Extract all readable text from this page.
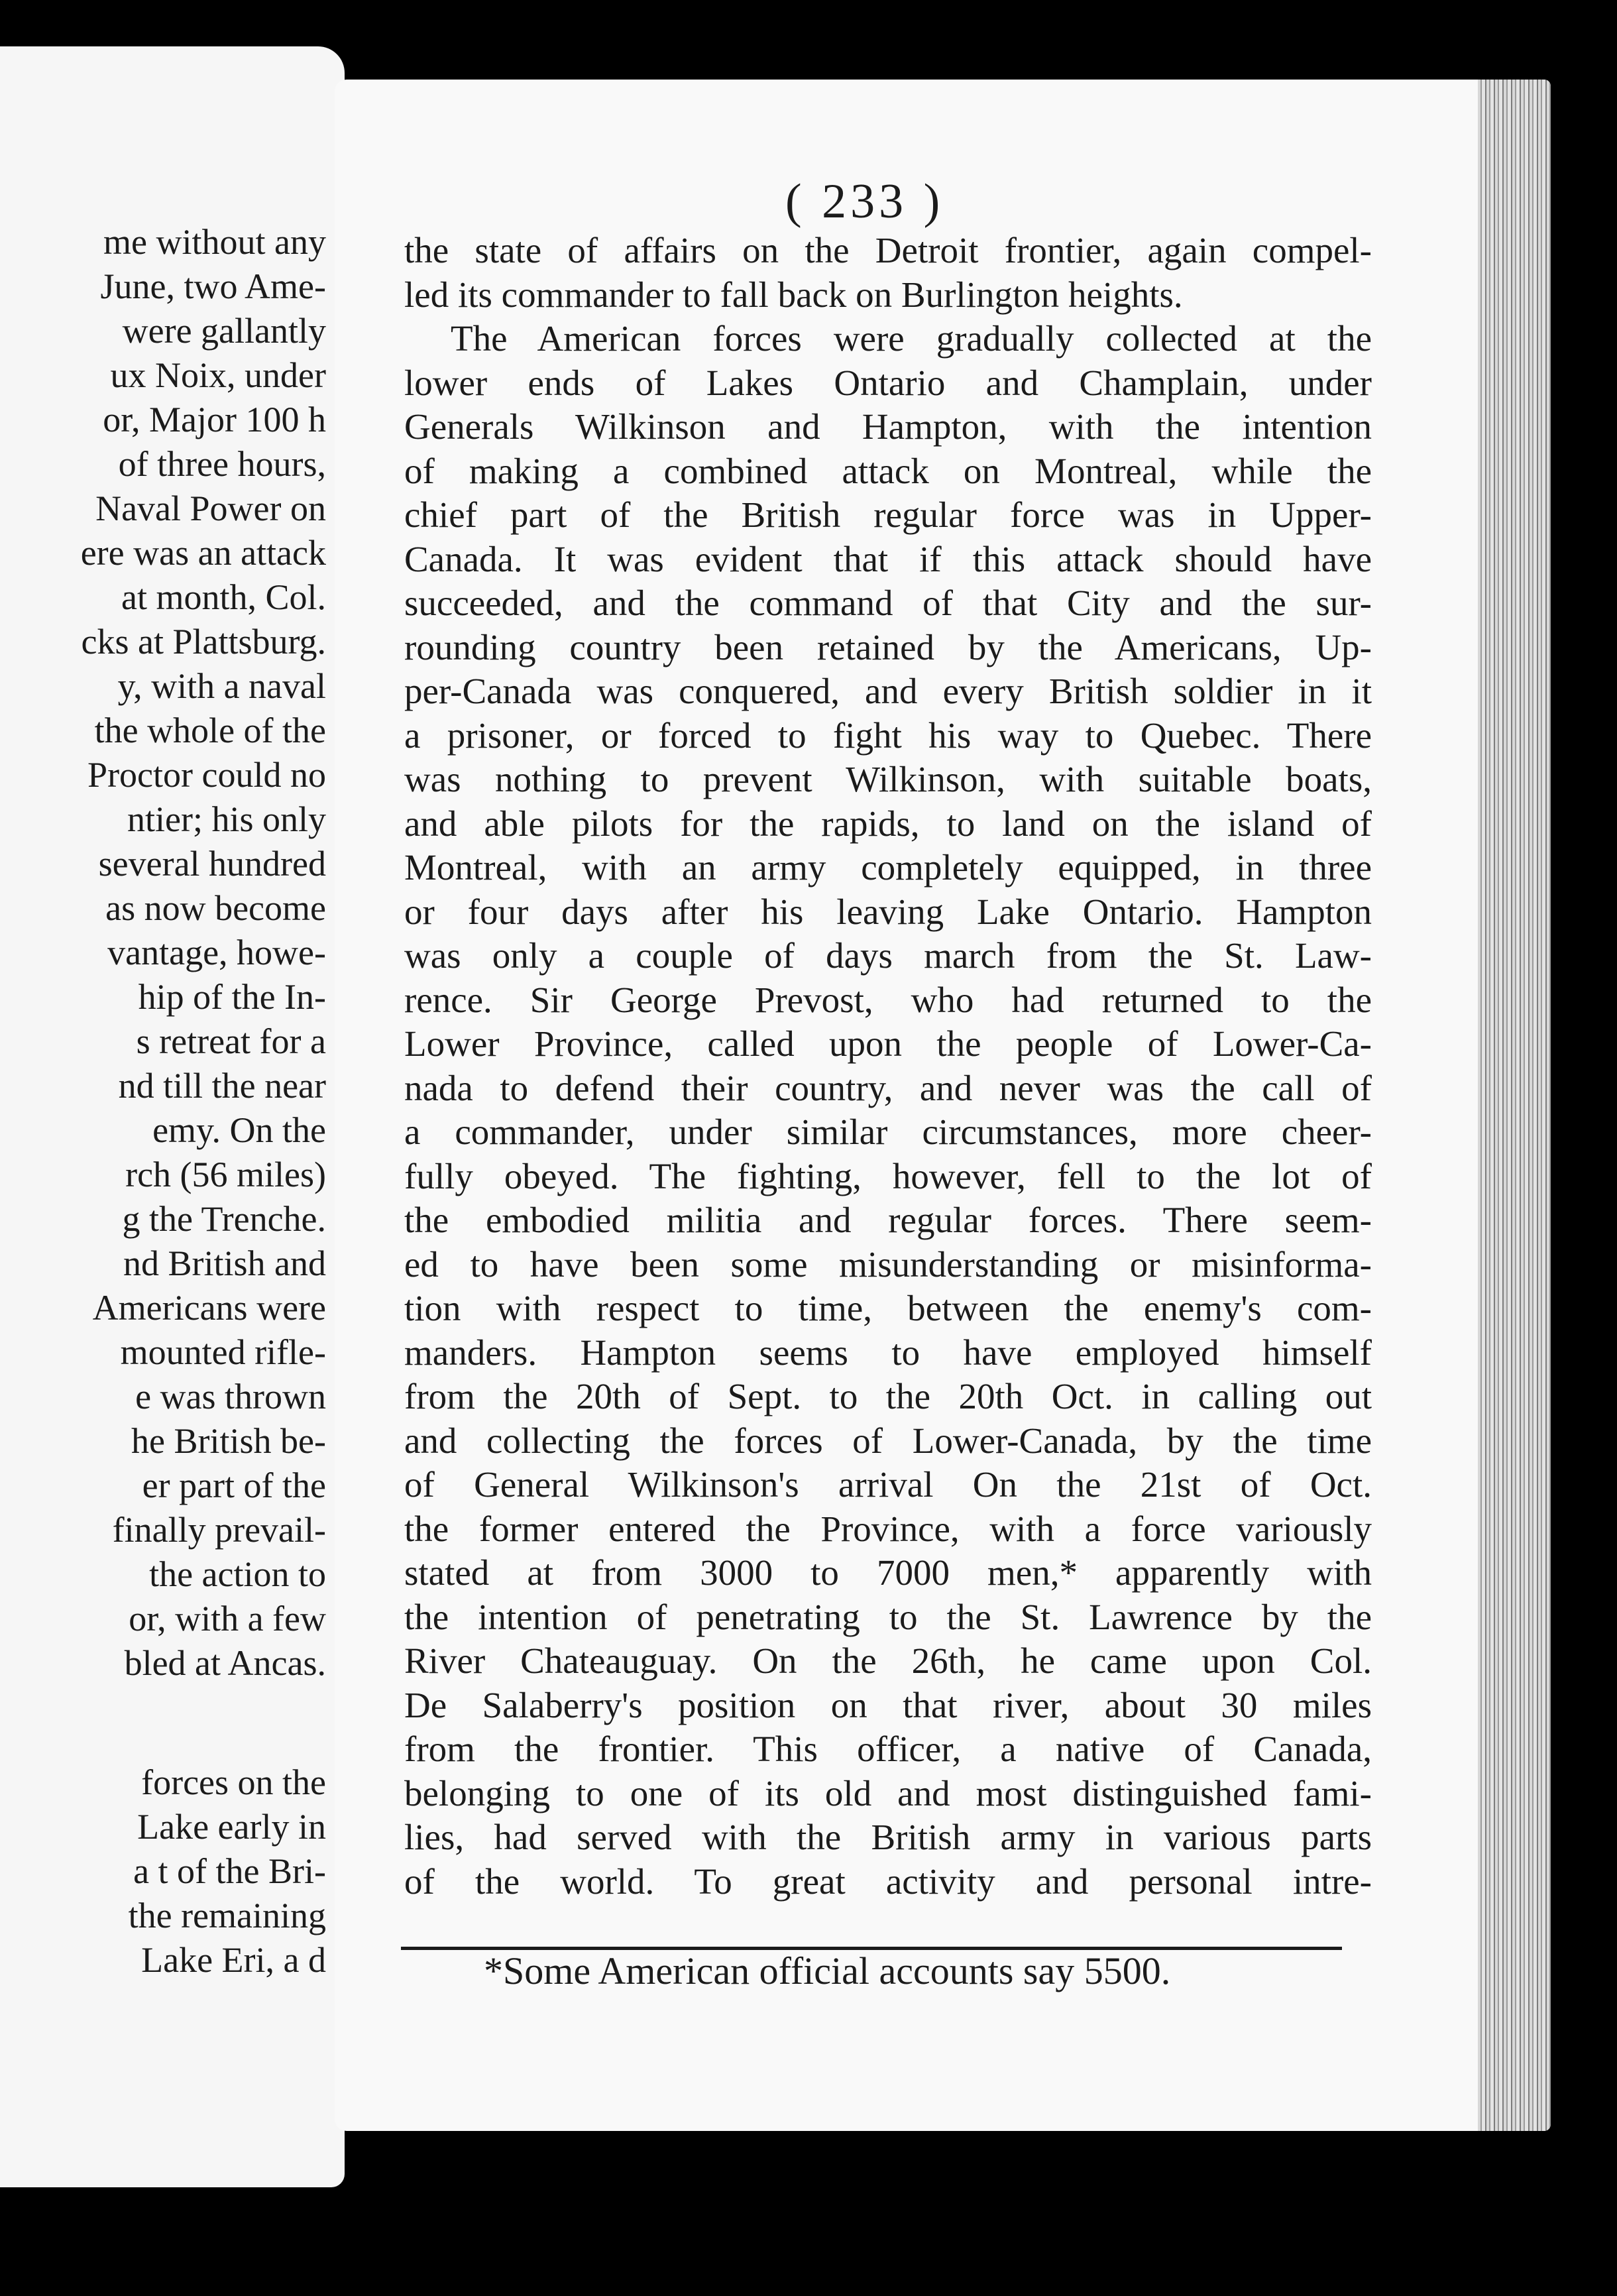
me without any
June, two Ame-
were gallantly
ux Noix, under
or, Major 100 h
of three hours,
Naval Power on
ere was an attack
at month, Col.
cks at Plattsburg.
y, with a naval
the whole of the
Proctor could no
ntier; his only
several hundred
as now become
vantage, howe-
hip of the In-
s retreat for a
nd till the near
emy. On the
rch (56 miles)
g the Trenche.
nd British and
Americans were
mounted rifle-
e was thrown
he British be-
er part of the
finally prevail-
the action to
or, with a few
bled at Ancas.
forces on the
Lake early in
a t of the Bri-
the remaining
Lake Eri, a d
( 233 )
the state of affairs on the Detroit frontier, again compel-
led its commander to fall back on Burlington heights.
The American forces were gradually collected at the
lower ends of Lakes Ontario and Champlain, under
Generals Wilkinson and Hampton, with the intention
of making a combined attack on Montreal, while the
chief part of the British regular force was in Upper-
Canada. It was evident that if this attack should have
succeeded, and the command of that City and the sur-
rounding country been retained by the Americans, Up-
per-Canada was conquered, and every British soldier in it
a prisoner, or forced to fight his way to Quebec. There
was nothing to prevent Wilkinson, with suitable boats,
and able pilots for the rapids, to land on the island of
Montreal, with an army completely equipped, in three
or four days after his leaving Lake Ontario. Hampton
was only a couple of days march from the St. Law-
rence. Sir George Prevost, who had returned to the
Lower Province, called upon the people of Lower-Ca-
nada to defend their country, and never was the call of
a commander, under similar circumstances, more cheer-
fully obeyed. The fighting, however, fell to the lot of
the embodied militia and regular forces. There seem-
ed to have been some misunderstanding or misinforma-
tion with respect to time, between the enemy's com-
manders. Hampton seems to have employed himself
from the 20th of Sept. to the 20th Oct. in calling out
and collecting the forces of Lower-Canada, by the time
of General Wilkinson's arrival On the 21st of Oct.
the former entered the Province, with a force variously
stated at from 3000 to 7000 men,* apparently with
the intention of penetrating to the St. Lawrence by the
River Chateauguay. On the 26th, he came upon Col.
De Salaberry's position on that river, about 30 miles
from the frontier. This officer, a native of Canada,
belonging to one of its old and most distinguished fami-
lies, had served with the British army in various parts
of the world. To great activity and personal intre-
*Some American official accounts say 5500.
